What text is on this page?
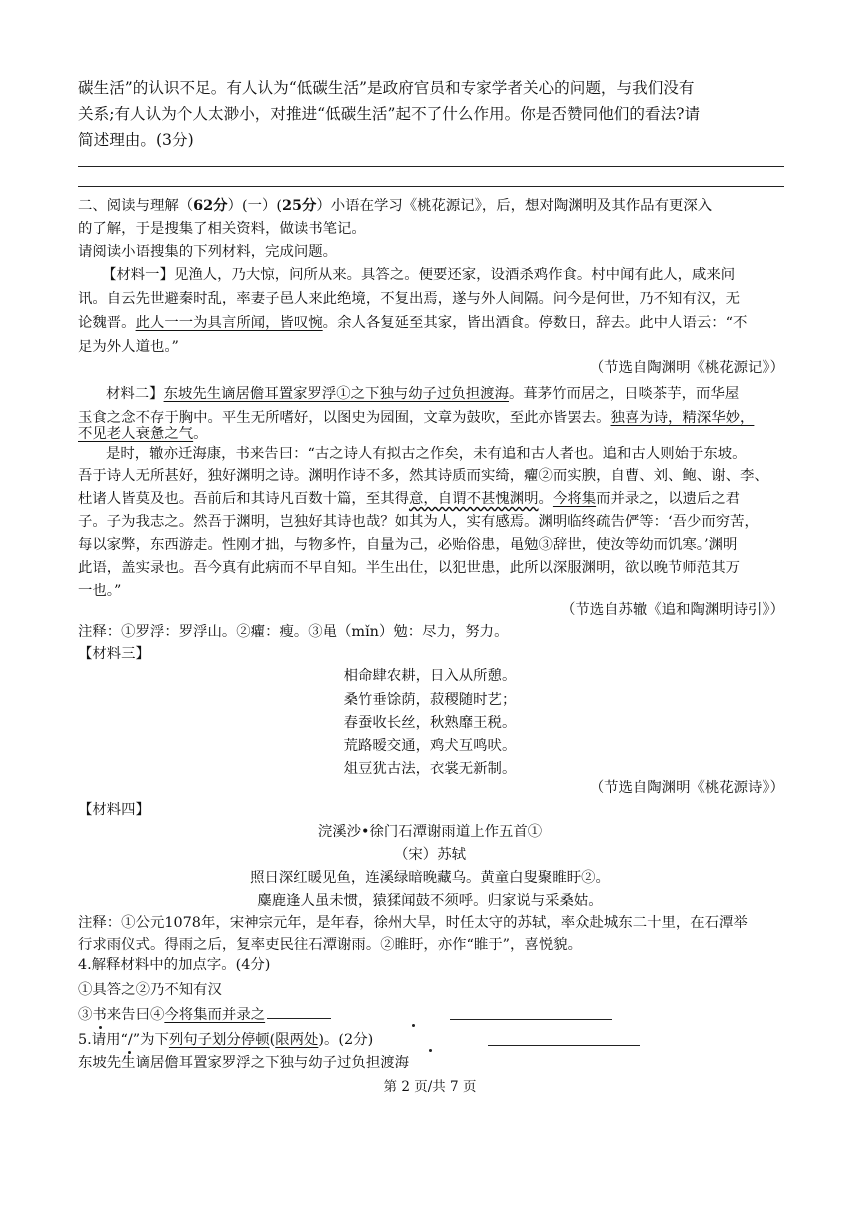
碳生活”的认识不足。有人认为“低碳生活”是政府官员和专家学者关心的问题，与我们没有
关系;有人认为个人太渺小，对推进“低碳生活”起不了什么作用。你是否赞同他们的看法?请
简述理由。(3分)
二、阅读与理解（62分）(一）(25分）小语在学习《桃花源记》，后，想对陶渊明及其作品有更深入
的了解，于是搜集了相关资料，做读书笔记。
请阅读小语搜集的下列材料，完成问题。
【材料一】见渔人，乃大惊，问所从来。具答之。便要还家，设酒杀鸡作食。村中闻有此人，咸来问
讯。自云先世避秦时乱，率妻子邑人来此绝境，不复出焉，遂与外人间隔。问今是何世，乃不知有汉，无
论魏晋。此人一一为具言所闻，皆叹惋。余人各复延至其家，皆出酒食。停数日，辞去。此中人语云：“不
足为外人道也。”
（节选自陶渊明《桃花源记》）
材料二】东坡先生谪居儋耳置家罗浮①之下独与幼子过负担渡海。葺茅竹而居之，日啖茶芋，而华屋
玉食之念不存于胸中。平生无所嗜好，以图史为园囿，文章为鼓吹，至此亦皆罢去。独喜为诗，精深华妙，
不见老人衰惫之气。
是时，辙亦迁海康，书来告曰：“古之诗人有拟古之作矣，未有追和古人者也。追和古人则始于东坡。
吾于诗人无所甚好，独好渊明之诗。渊明作诗不多，然其诗质而实绮，癯②而实腴，自曹、刘、鲍、谢、李、
杜诸人皆莫及也。吾前后和其诗凡百数十篇，至其得意，自谓不甚愧渊明。今将集而并录之，以遗后之君
子。子为我志之。然吾于渊明，岂独好其诗也哉？如其为人，实有感焉。渊明临终疏告俨等：‘吾少而穷苦，
每以家弊，东西游走。性刚才拙，与物多忤，自量为己，必贻俗患，黾勉③辞世，使汝等幼而饥寒。’渊明
此语，盖实录也。吾今真有此病而不早自知。半生出仕，以犯世患，此所以深服渊明，欲以晚节师范其万
一也。”
（节选自苏辙《追和陶渊明诗引》）
注释：①罗浮：罗浮山。②癯：瘦。③黾（mǐn）勉：尽力，努力。
【材料三】
相命肆农耕，日入从所憩。
桑竹垂馀荫，菽稷随时艺；
春蚕收长丝，秋熟靡王税。
荒路暧交通，鸡犬互鸣吠。
俎豆犹古法，衣裳无新制。
（节选自陶渊明《桃花源诗》）
【材料四】
浣溪沙•徐门石潭谢雨道上作五首①
（宋）苏轼
照日深红暖见鱼，连溪绿暗晚藏乌。黄童白叟聚睢盱②。
麋鹿逢人虽未惯，猿猱闻鼓不须呼。归家说与采桑姑。
注释：①公元1078年，宋神宗元年，是年春，徐州大旱，时任太守的苏轼，率众赴城东二十里，在石潭举
行求雨仪式。得雨之后，复率吏民往石潭谢雨。②睢盱，亦作“睢于”，喜悦貌。
4.解释材料中的加点字。(4分)
①具答之②乃不知有汉
③书来告曰④今将集而并录之
5.请用“/”为下列句子划分停顿(限两处)。(2分)
东坡先生谪居儋耳置家罗浮之下独与幼子过负担渡海
第 2 页/共 7 页
